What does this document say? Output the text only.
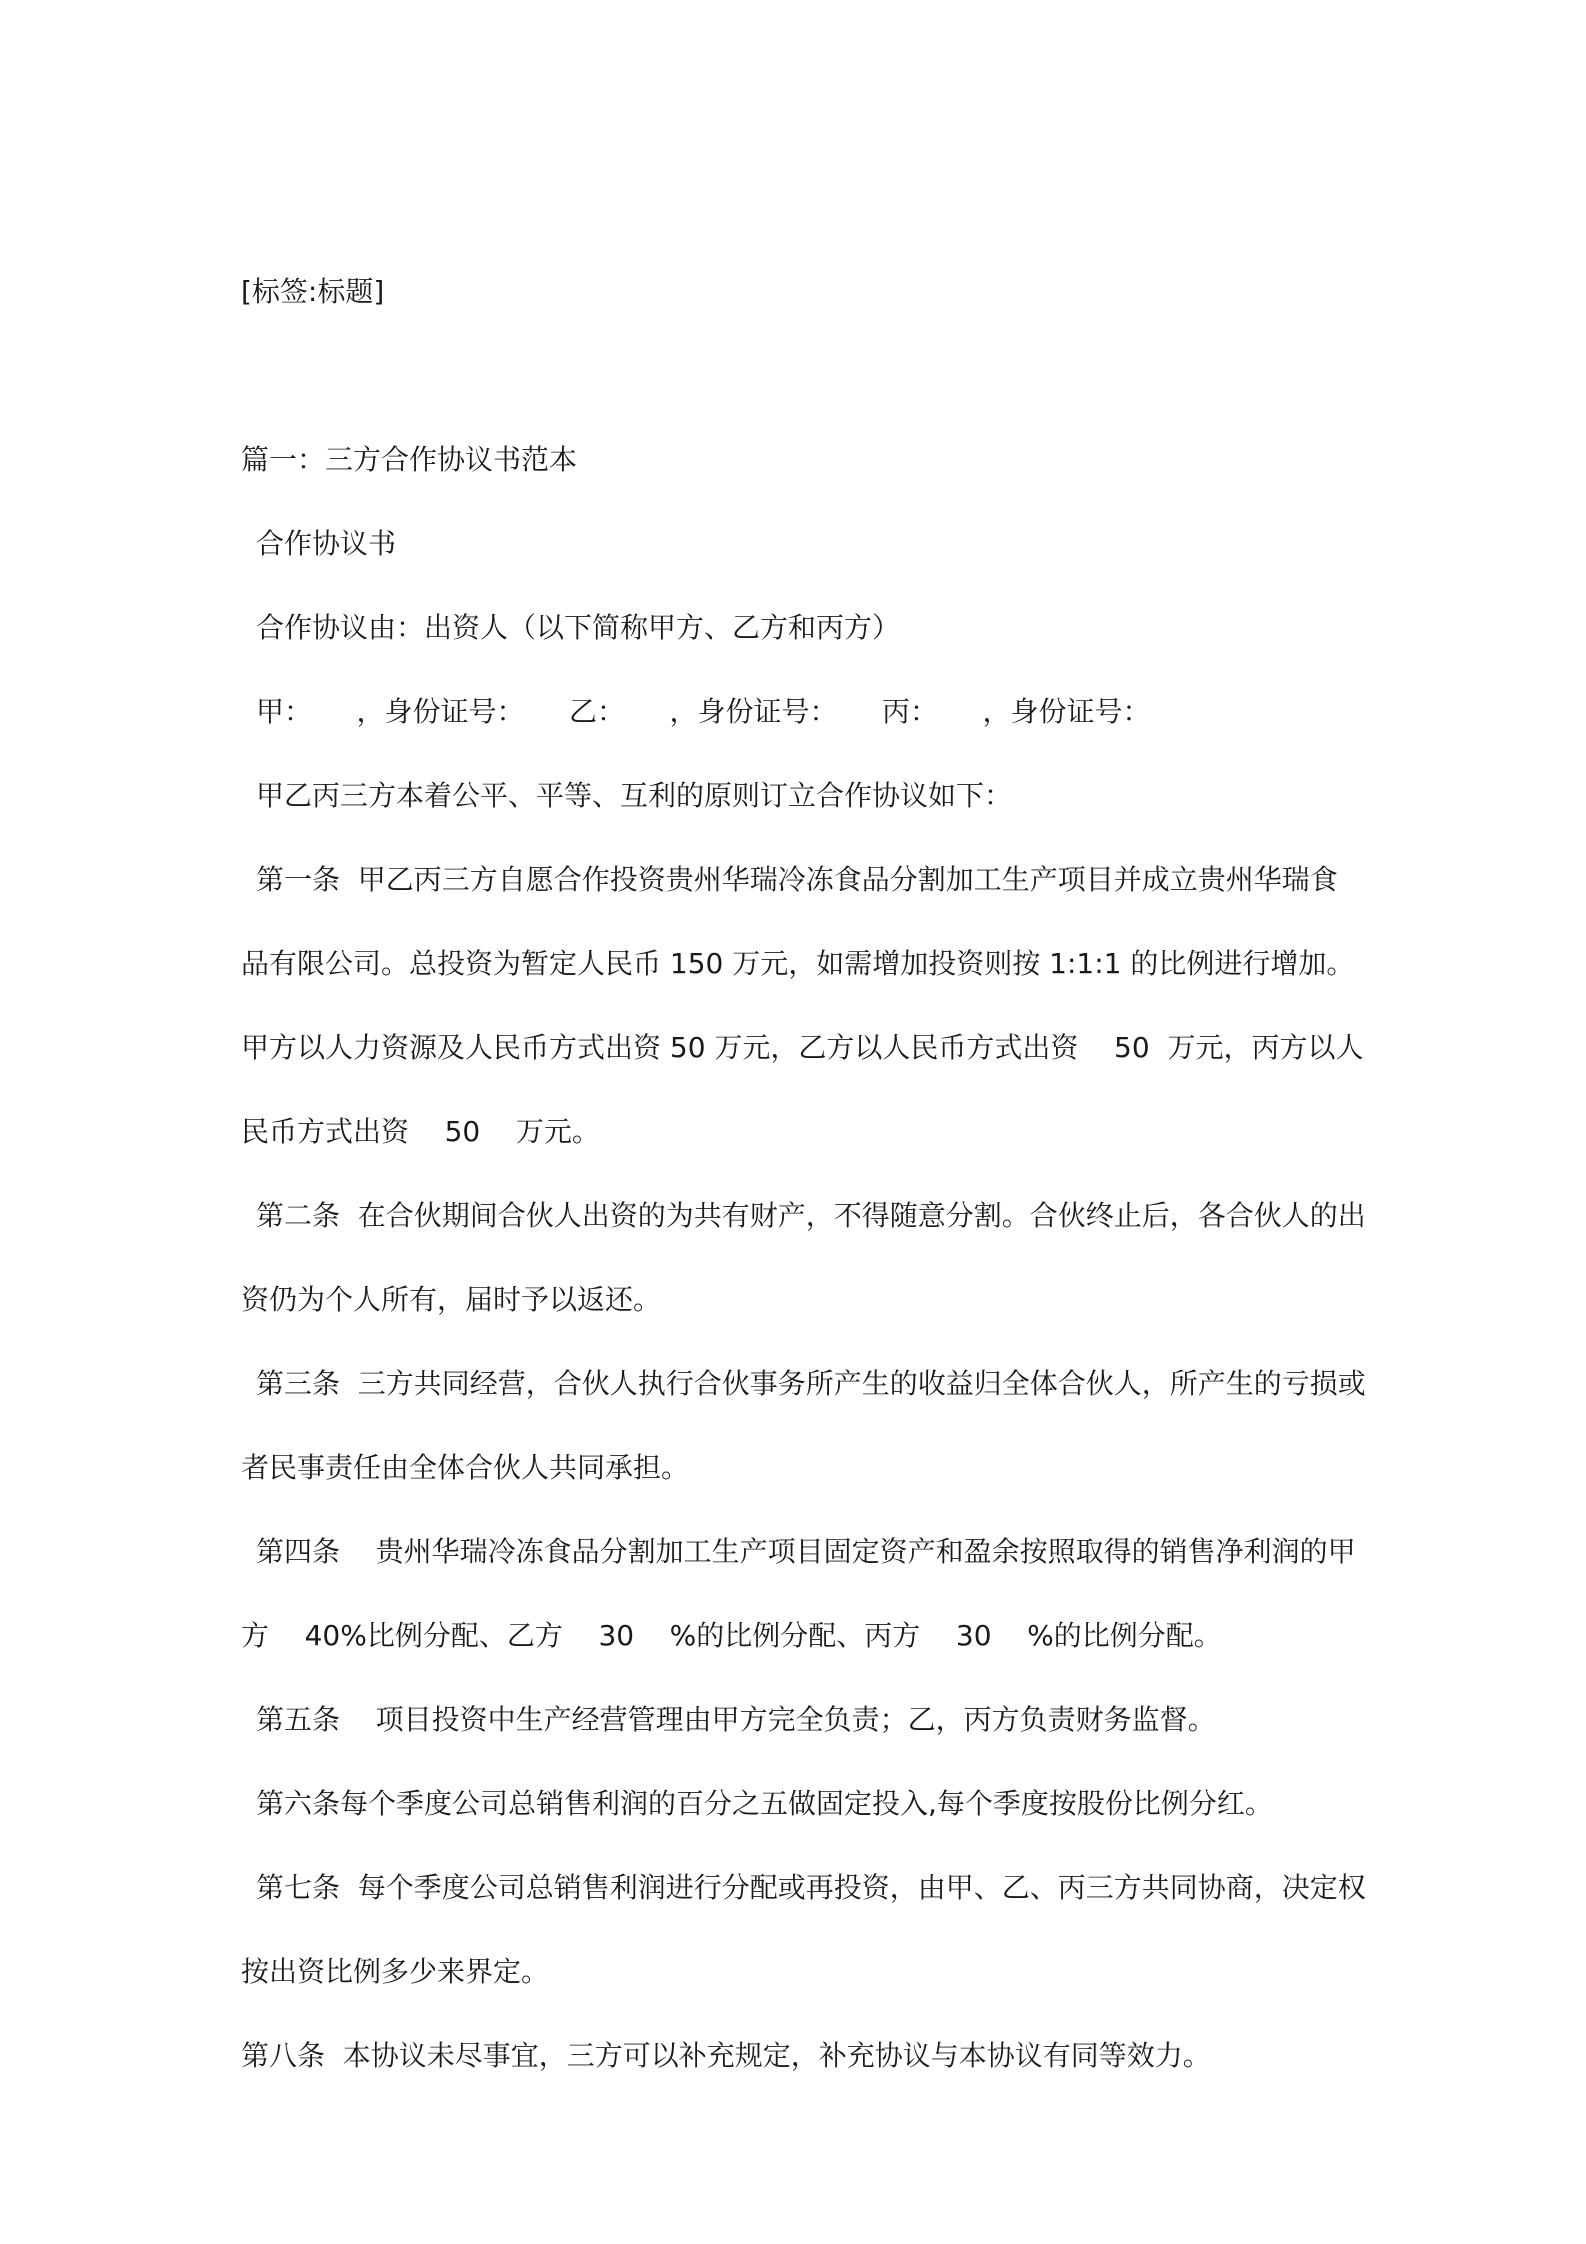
[标签:标题]
篇一：三方合作协议书范本
合作协议书
合作协议由：出资人（以下简称甲方、乙方和丙方）
甲：     ，身份证号：     乙：     ，身份证号：     丙：     ，身份证号：
甲乙丙三方本着公平、平等、互利的原则订立合作协议如下：
第一条  甲乙丙三方自愿合作投资贵州华瑞冷冻食品分割加工生产项目并成立贵州华瑞食
品有限公司。总投资为暂定人民币 150 万元，如需增加投资则按 1:1:1 的比例进行增加。
甲方以人力资源及人民币方式出资 50 万元，乙方以人民币方式出资    50  万元，丙方以人
民币方式出资    50    万元。
第二条  在合伙期间合伙人出资的为共有财产，不得随意分割。合伙终止后，各合伙人的出
资仍为个人所有，届时予以返还。
第三条  三方共同经营，合伙人执行合伙事务所产生的收益归全体合伙人，所产生的亏损或
者民事责任由全体合伙人共同承担。
第四条    贵州华瑞冷冻食品分割加工生产项目固定资产和盈余按照取得的销售净利润的甲
方    40%比例分配、乙方    30    %的比例分配、丙方    30    %的比例分配。
第五条    项目投资中生产经营管理由甲方完全负责；乙，丙方负责财务监督。
第六条每个季度公司总销售利润的百分之五做固定投入,每个季度按股份比例分红。
第七条  每个季度公司总销售利润进行分配或再投资，由甲、乙、丙三方共同协商，决定权
按出资比例多少来界定。
第八条  本协议未尽事宜，三方可以补充规定，补充协议与本协议有同等效力。
